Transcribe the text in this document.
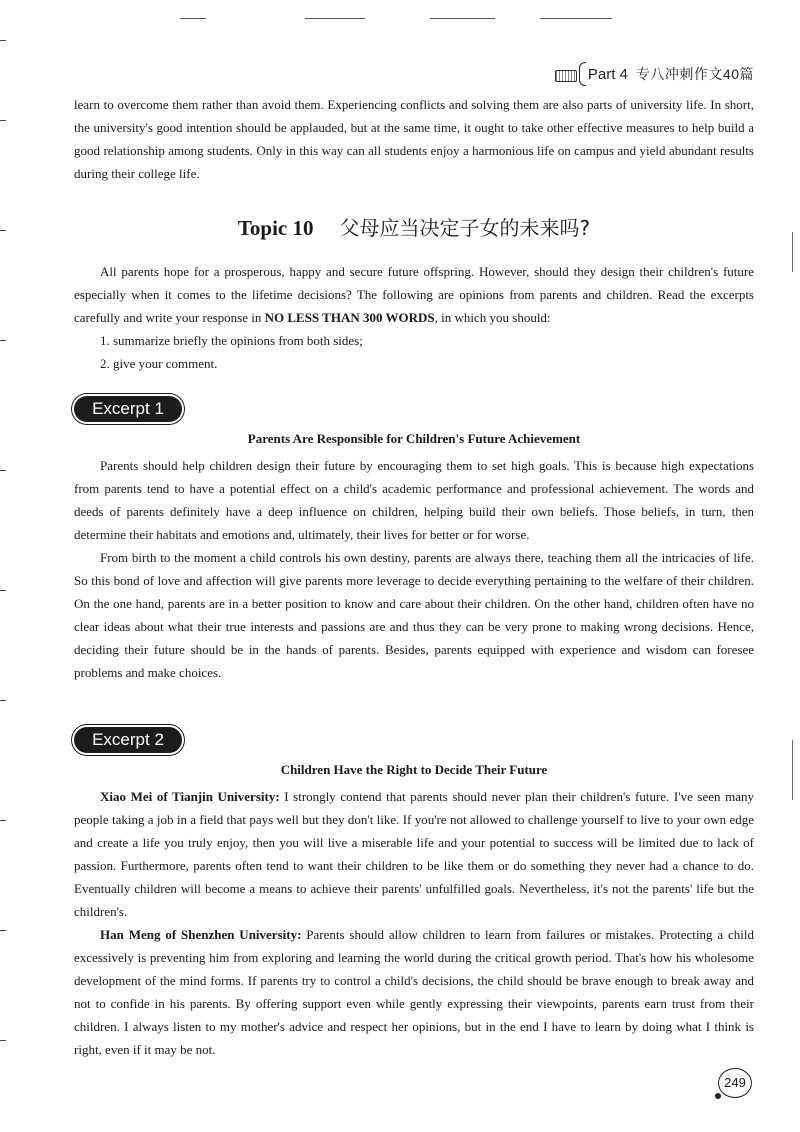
Part 4 专八冲刺作文40篇

learn to overcome them rather than avoid them. Experiencing conflicts and solving them are also parts of university life. In short, the university's good intention should be applauded, but at the same time, it ought to take other effective measures to help build a good relationship among students. Only in this way can all students enjoy a harmonious life on campus and yield abundant results during their college life.

Topic 10 父母应当决定子女的未来吗?

All parents hope for a prosperous, happy and secure future offspring. However, should they design their children's future especially when it comes to the lifetime decisions? The following are opinions from parents and children. Read the excerpts carefully and write your response in NO LESS THAN 300 WORDS, in which you should:

1. summarize briefly the opinions from both sides;

2. give your comment.

Excerpt 1
Parents Are Responsible for Children's Future Achievement

Parents should help children design their future by encouraging them to set high goals. This is because high expectations from parents tend to have a potential effect on a child's academic performance and professional achievement. The words and deeds of parents definitely have a deep influence on children, helping build their own beliefs. Those beliefs, in turn, then determine their habitats and emotions and, ultimately, their lives for better or for worse.

From birth to the moment a child controls his own destiny, parents are always there, teaching them all the intricacies of life. So this bond of love and affection will give parents more leverage to decide everything pertaining to the welfare of their children. On the one hand, parents are in a better position to know and care about their children. On the other hand, children often have no clear ideas about what their true interests and passions are and thus they can be very prone to making wrong decisions. Hence, deciding their future should be in the hands of parents. Besides, parents equipped with experience and wisdom can foresee problems and make choices.

Excerpt 2
Children Have the Right to Decide Their Future

Xiao Mei of Tianjin University: I strongly contend that parents should never plan their children's future. I've seen many people taking a job in a field that pays well but they don't like. If you're not allowed to challenge yourself to live to your own edge and create a life you truly enjoy, then you will live a miserable life and your potential to success will be limited due to lack of passion. Furthermore, parents often tend to want their children to be like them or do something they never had a chance to do. Eventually children will become a means to achieve their parents' unfulfilled goals. Nevertheless, it's not the parents' life but the children's.

Han Meng of Shenzhen University: Parents should allow children to learn from failures or mistakes. Protecting a child excessively is preventing him from exploring and learning the world during the critical growth period. That's how his wholesome development of the mind forms. If parents try to control a child's decisions, the child should be brave enough to break away and not to confide in his parents. By offering support even while gently expressing their viewpoints, parents earn trust from their children. I always listen to my mother's advice and respect her opinions, but in the end I have to learn by doing what I think is right, even if it may be not.

249
